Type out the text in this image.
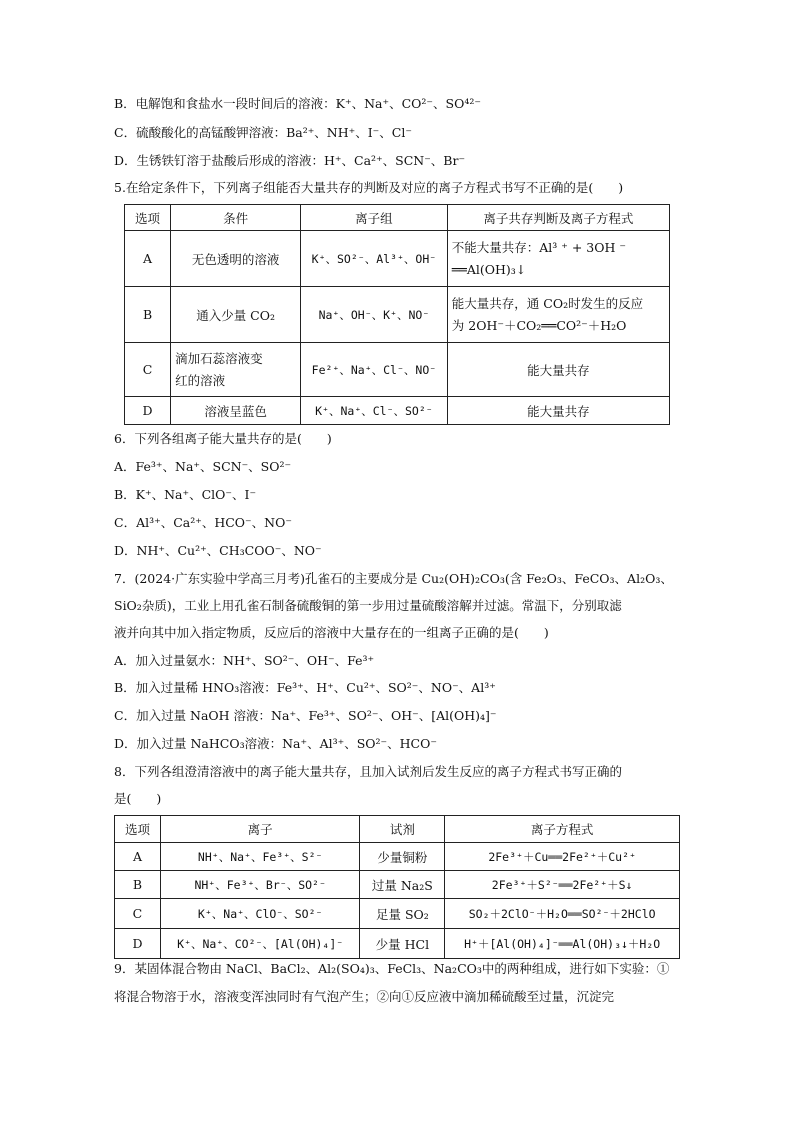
B．电解饱和食盐水一段时间后的溶液：K⁺、Na⁺、CO²⁻、SO⁴²⁻
C．硫酸酸化的高锰酸钾溶液：Ba²⁺、NH⁺、I⁻、Cl⁻
D．生锈铁钉溶于盐酸后形成的溶液：H⁺、Ca²⁺、SCN⁻、Br⁻
5.在给定条件下，下列离子组能否大量共存的判断及对应的离子方程式书写不正确的是(　　)
选项	条件	离子组	离子共存判断及离子方程式
A	无色透明的溶液	K⁺、SO²⁻、Al³⁺、OH⁻	不能大量共存：Al³ ⁺ + 3OH ⁻
══Al(OH)₃↓

B	通入少量 CO₂	Na⁺、OH⁻、K⁺、NO⁻	能大量共存，通 CO₂时发生的反应
为 2OH⁻＋CO₂══CO²⁻＋H₂O

C	滴加石蕊溶液变
红的溶液	Fe²⁺、Na⁺、Cl⁻、NO⁻	能大量共存
D	溶液呈蓝色	K⁺、Na⁺、Cl⁻、SO²⁻	能大量共存
6．下列各组离子能大量共存的是(　　)
A．Fe³⁺、Na⁺、SCN⁻、SO²⁻
B．K⁺、Na⁺、ClO⁻、I⁻
C．Al³⁺、Ca²⁺、HCO⁻、NO⁻
D．NH⁺、Cu²⁺、CH₃COO⁻、NO⁻
7．(2024·广东实验中学高三月考)孔雀石的主要成分是 Cu₂(OH)₂CO₃(含 Fe₂O₃、FeCO₃、Al₂O₃、
SiO₂杂质)，工业上用孔雀石制备硫酸铜的第一步用过量硫酸溶解并过滤。常温下，分别取滤
液并向其中加入指定物质，反应后的溶液中大量存在的一组离子正确的是(　　)
A．加入过量氨水：NH⁺、SO²⁻、OH⁻、Fe³⁺
B．加入过量稀 HNO₃溶液：Fe³⁺、H⁺、Cu²⁺、SO²⁻、NO⁻、Al³⁺
C．加入过量 NaOH 溶液：Na⁺、Fe³⁺、SO²⁻、OH⁻、[Al(OH)₄]⁻
D．加入过量 NaHCO₃溶液：Na⁺、Al³⁺、SO²⁻、HCO⁻
8．下列各组澄清溶液中的离子能大量共存，且加入试剂后发生反应的离子方程式书写正确的
是(　　)
选项	离子	试剂	离子方程式
A	NH⁺、Na⁺、Fe³⁺、S²⁻	少量铜粉	2Fe³⁺＋Cu══2Fe²⁺＋Cu²⁺
B	NH⁺、Fe³⁺、Br⁻、SO²⁻	过量 Na₂S	2Fe³⁺＋S²⁻══2Fe²⁺＋S↓
C	K⁺、Na⁺、ClO⁻、SO²⁻	足量 SO₂	SO₂＋2ClO⁻＋H₂O══SO²⁻＋2HClO
D	K⁺、Na⁺、CO²⁻、[Al(OH)₄]⁻	少量 HCl	H⁺＋[Al(OH)₄]⁻══Al(OH)₃↓＋H₂O
9．某固体混合物由 NaCl、BaCl₂、Al₂(SO₄)₃、FeCl₃、Na₂CO₃中的两种组成，进行如下实验：①
将混合物溶于水，溶液变浑浊同时有气泡产生；②向①反应液中滴加稀硫酸至过量，沉淀完
